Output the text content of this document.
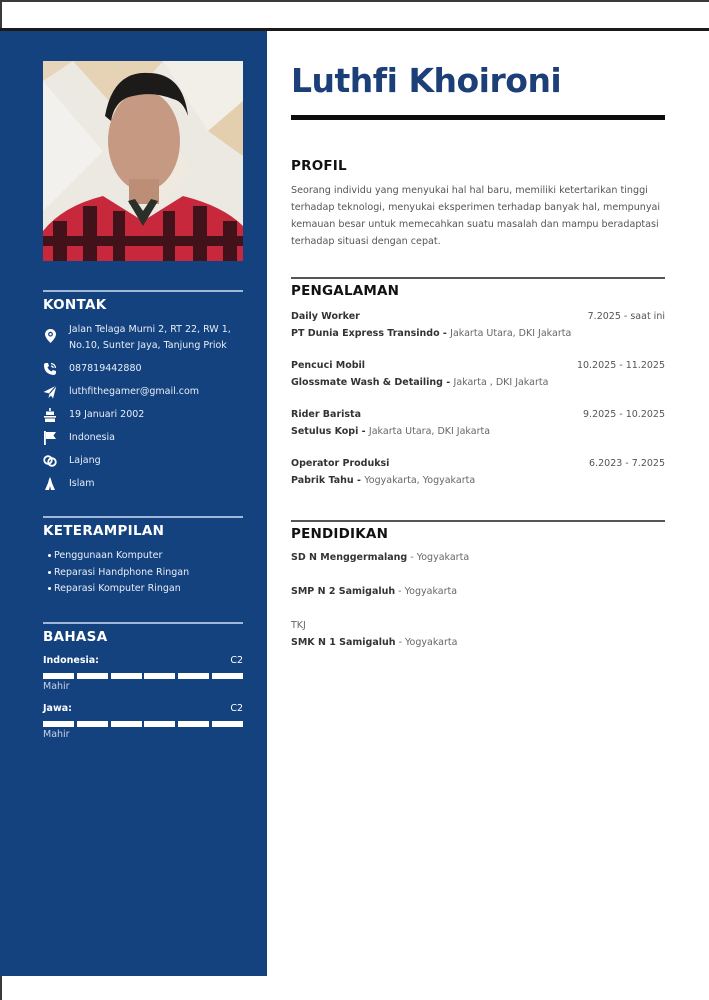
KONTAK
Jalan Telaga Murni 2, RT 22, RW 1,
No.10, Sunter Jaya, Tanjung Priok
087819442880
luthfithegamer@gmail.com
19 Januari 2002
Indonesia
Lajang
Islam
KETERAMPILAN
Penggunaan Komputer
Reparasi Handphone Ringan
Reparasi Komputer Ringan
BAHASA
Indonesia:	C2
Mahir
Jawa:	C2
Mahir
Luthfi Khoironi
PROFIL

Seorang individu yang menyukai hal hal baru, memiliki ketertarikan tinggi terhadap teknologi, menyukai eksperimen terhadap banyak hal, mempunyai kemauan besar untuk memecahkan suatu masalah dan mampu beradaptasi terhadap situasi dengan cepat.

PENGALAMAN
Daily Worker	7.2025 - saat ini
PT Dunia Express Transindo - Jakarta Utara, DKI Jakarta
Pencuci Mobil	10.2025 - 11.2025
Glossmate Wash & Detailing - Jakarta , DKI Jakarta
Rider Barista	9.2025 - 10.2025
Setulus Kopi - Jakarta Utara, DKI Jakarta
Operator Produksi	6.2023 - 7.2025
Pabrik Tahu - Yogyakarta, Yogyakarta
PENDIDIKAN
SD N Menggermalang - Yogyakarta
SMP N 2 Samigaluh - Yogyakarta
TKJ
SMK N 1 Samigaluh - Yogyakarta
